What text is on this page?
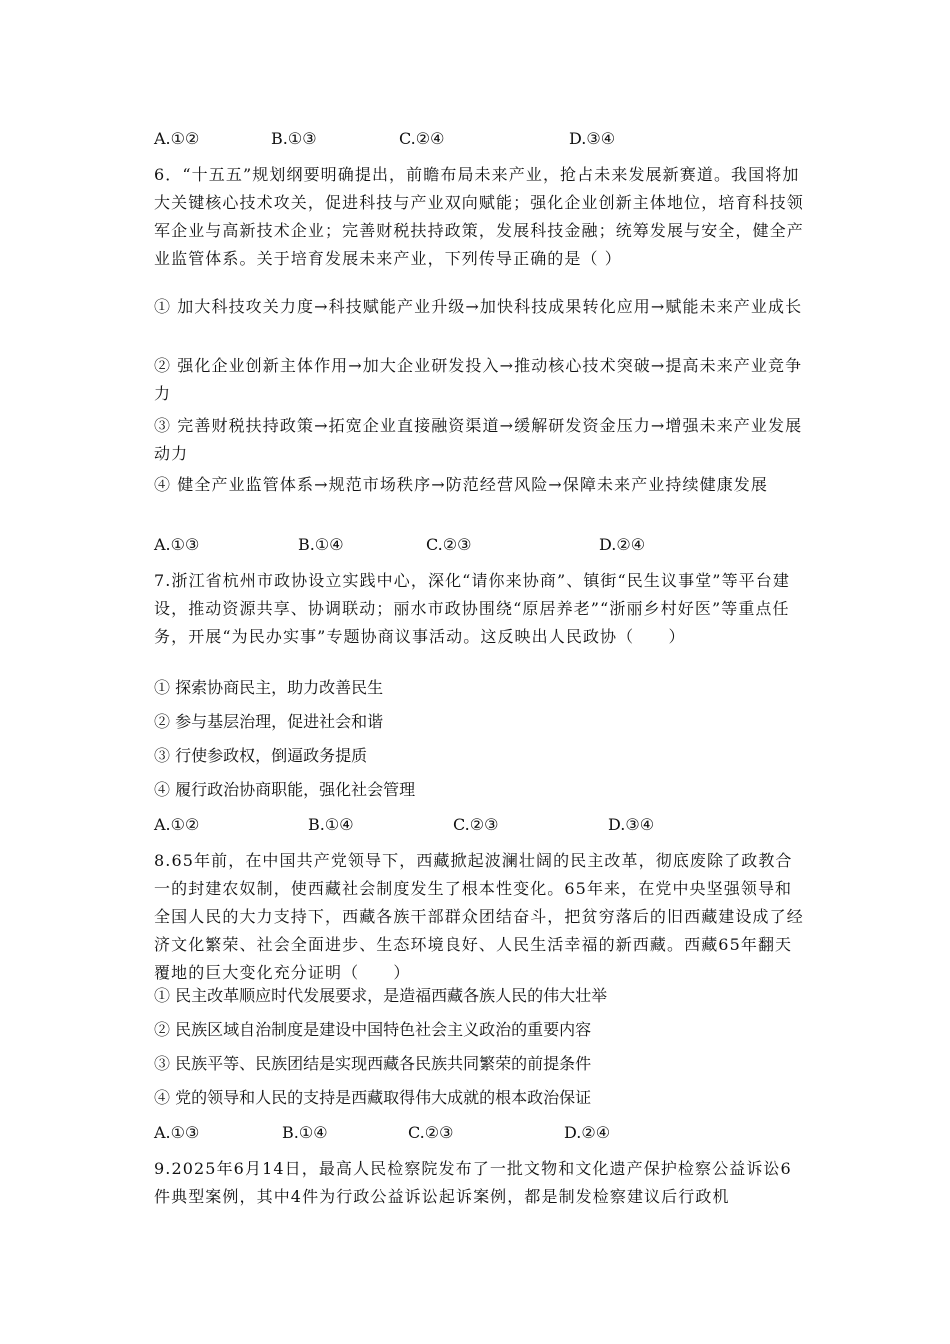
A.①②	B.①③	C.②④	D.③④
6．“十五五”规划纲要明确提出，前瞻布局未来产业，抢占未来发展新赛道。我国将加大关键核心技术攻关，促进科技与产业双向赋能；强化企业创新主体地位，培育科技领军企业与高新技术企业；完善财税扶持政策，发展科技金融；统筹发展与安全，健全产业监管体系。关于培育发展未来产业，下列传导正确的是（ ）
① 加大科技攻关力度→科技赋能产业升级→加快科技成果转化应用→赋能未来产业成长
② 强化企业创新主体作用→加大企业研发投入→推动核心技术突破→提高未来产业竞争力
③ 完善财税扶持政策→拓宽企业直接融资渠道→缓解研发资金压力→增强未来产业发展动力
④ 健全产业监管体系→规范市场秩序→防范经营风险→保障未来产业持续健康发展
A.①③	B.①④	C.②③	D.②④
7.浙江省杭州市政协设立实践中心，深化“请你来协商”、镇街“民生议事堂”等平台建设，推动资源共享、协调联动；丽水市政协围绕“原居养老”“浙丽乡村好医”等重点任务，开展“为民办实事”专题协商议事活动。这反映出人民政协（　　）
① 探索协商民主，助力改善民生
② 参与基层治理，促进社会和谐
③ 行使参政权，倒逼政务提质
④ 履行政治协商职能，强化社会管理
A.①②	B.①④	C.②③	D.③④
8.65年前，在中国共产党领导下，西藏掀起波澜壮阔的民主改革，彻底废除了政教合一的封建农奴制，使西藏社会制度发生了根本性变化。65年来，在党中央坚强领导和全国人民的大力支持下，西藏各族干部群众团结奋斗，把贫穷落后的旧西藏建设成了经济文化繁荣、社会全面进步、生态环境良好、人民生活幸福的新西藏。西藏65年翻天覆地的巨大变化充分证明（　　）
① 民主改革顺应时代发展要求，是造福西藏各族人民的伟大壮举
② 民族区域自治制度是建设中国特色社会主义政治的重要内容
③ 民族平等、民族团结是实现西藏各民族共同繁荣的前提条件
④ 党的领导和人民的支持是西藏取得伟大成就的根本政治保证
A.①③	B.①④	C.②③	D.②④
9.2025年6月14日，最高人民检察院发布了一批文物和文化遗产保护检察公益诉讼6件典型案例，其中4件为行政公益诉讼起诉案例，都是制发检察建议后行政机
